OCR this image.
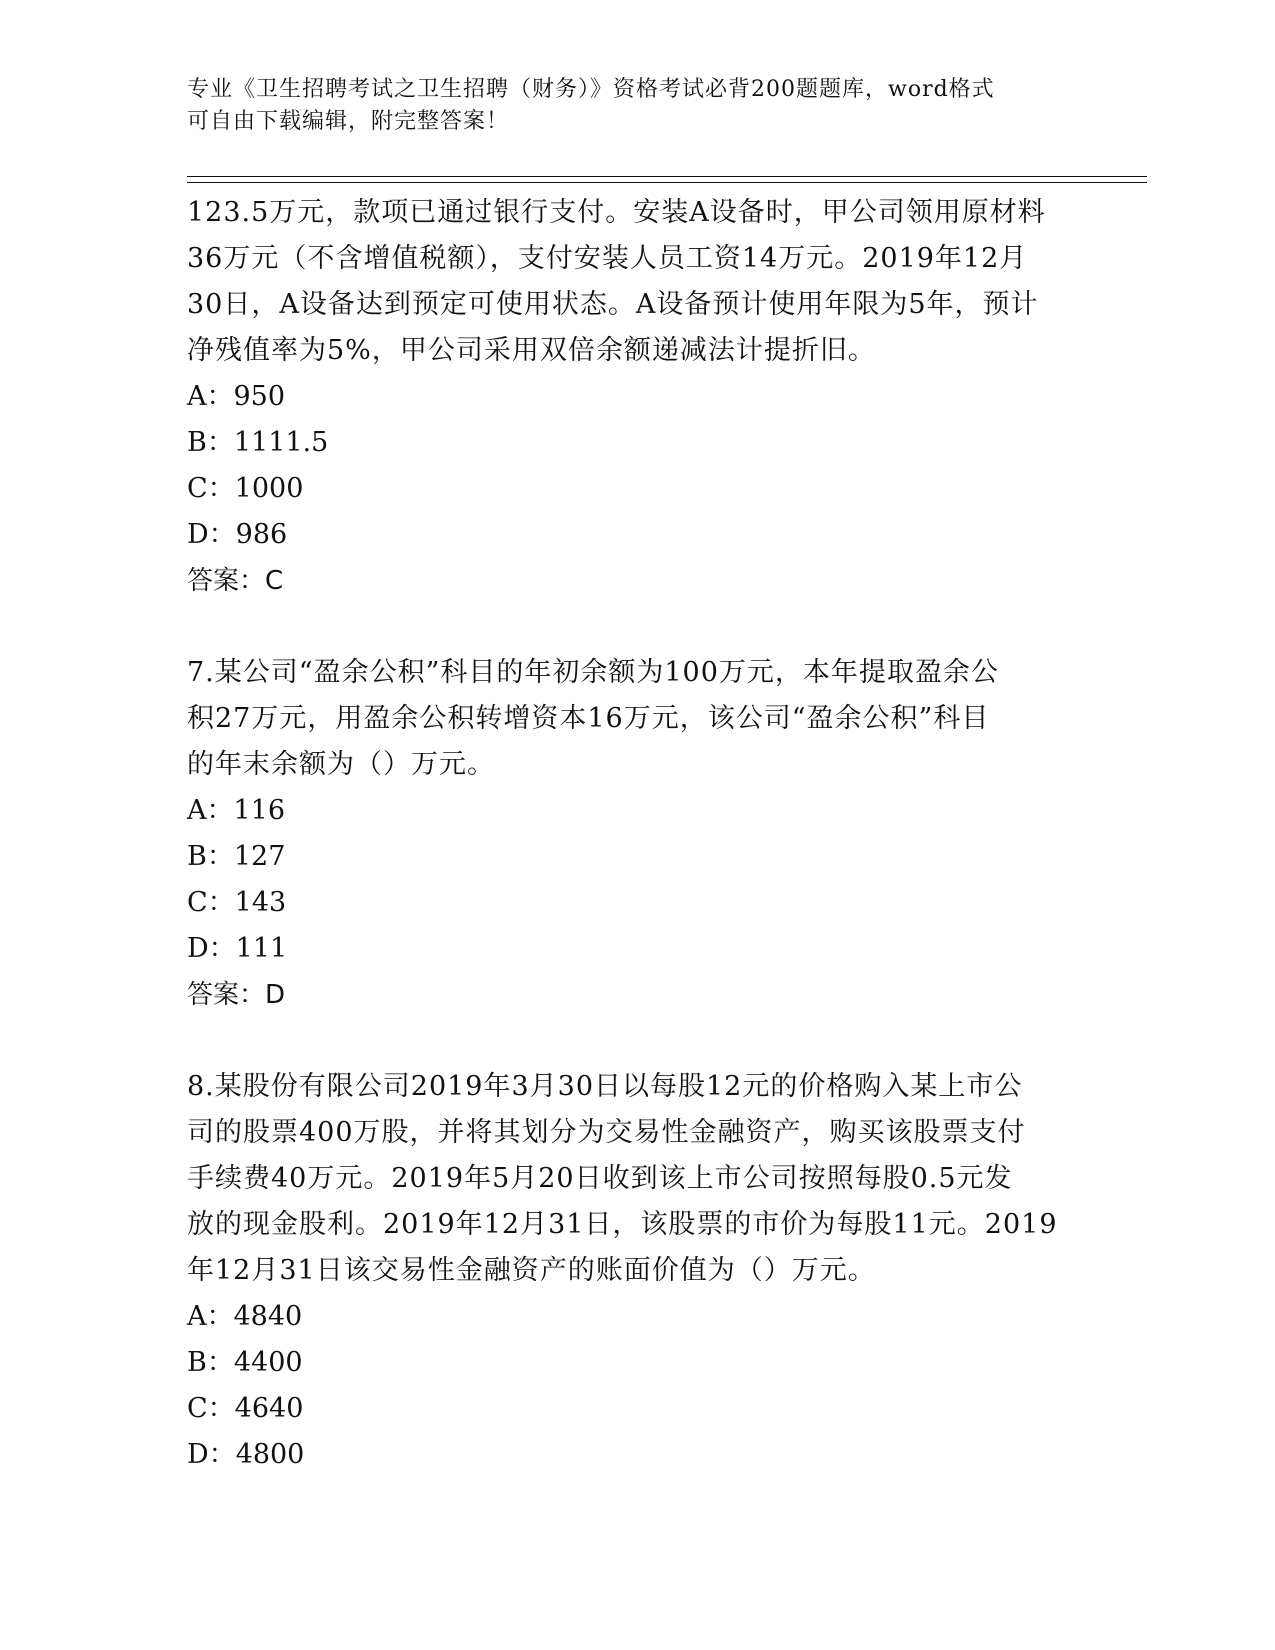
专业《卫生招聘考试之卫生招聘（财务）》资格考试必背200题题库，word格式
可自由下载编辑，附完整答案！
123.5万元，款项已通过银行支付。安装A设备时，甲公司领用原材料
36万元（不含增值税额），支付安装人员工资14万元。2019年12月
30日，A设备达到预定可使用状态。A设备预计使用年限为5年，预计
净残值率为5%，甲公司采用双倍余额递减法计提折旧。
A：950
B：1111.5
C：1000
D：986
答案：C
7.某公司“盈余公积”科目的年初余额为100万元，本年提取盈余公
积27万元，用盈余公积转增资本16万元，该公司“盈余公积”科目
的年末余额为（）万元。
A：116
B：127
C：143
D：111
答案：D
8.某股份有限公司2019年3月30日以每股12元的价格购入某上市公
司的股票400万股，并将其划分为交易性金融资产，购买该股票支付
手续费40万元。2019年5月20日收到该上市公司按照每股0.5元发
放的现金股利。2019年12月31日，该股票的市价为每股11元。2019
年12月31日该交易性金融资产的账面价值为（）万元。
A：4840
B：4400
C：4640
D：4800
